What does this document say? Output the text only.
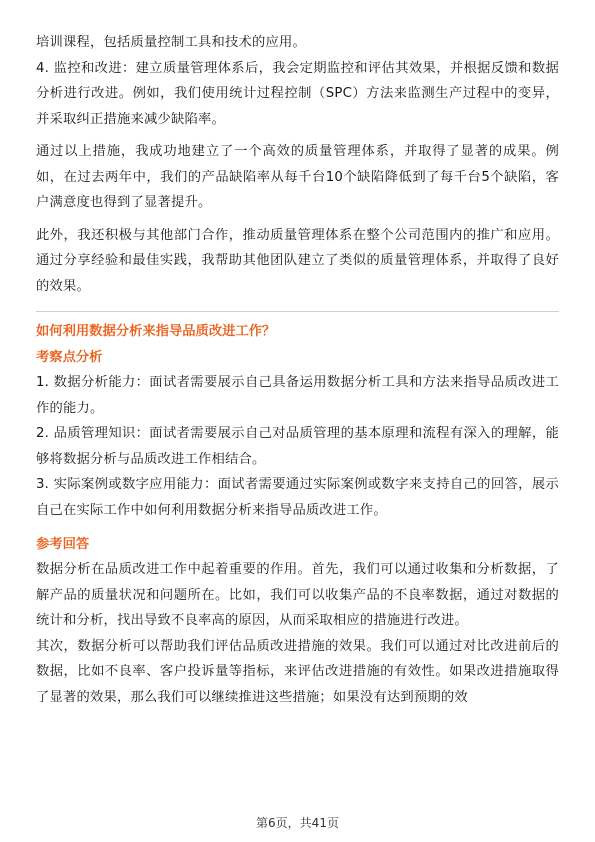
培训课程，包括质量控制工具和技术的应用。

4. 监控和改进：建立质量管理体系后，我会定期监控和评估其效果，并根据反馈和数据分析进行改进。例如，我们使用统计过程控制（SPC）方法来监测生产过程中的变异，并采取纠正措施来减少缺陷率。

通过以上措施，我成功地建立了一个高效的质量管理体系，并取得了显著的成果。例如，在过去两年中，我们的产品缺陷率从每千台10个缺陷降低到了每千台5个缺陷，客户满意度也得到了显著提升。

此外，我还积极与其他部门合作，推动质量管理体系在整个公司范围内的推广和应用。通过分享经验和最佳实践，我帮助其他团队建立了类似的质量管理体系，并取得了良好的效果。

如何利用数据分析来指导品质改进工作？
考察点分析

1. 数据分析能力：面试者需要展示自己具备运用数据分析工具和方法来指导品质改进工作的能力。

2. 品质管理知识：面试者需要展示自己对品质管理的基本原理和流程有深入的理解，能够将数据分析与品质改进工作相结合。

3. 实际案例或数字应用能力：面试者需要通过实际案例或数字来支持自己的回答，展示自己在实际工作中如何利用数据分析来指导品质改进工作。

参考回答

数据分析在品质改进工作中起着重要的作用。首先，我们可以通过收集和分析数据，了解产品的质量状况和问题所在。比如，我们可以收集产品的不良率数据，通过对数据的统计和分析，找出导致不良率高的原因，从而采取相应的措施进行改进。

其次，数据分析可以帮助我们评估品质改进措施的效果。我们可以通过对比改进前后的数据，比如不良率、客户投诉量等指标，来评估改进措施的有效性。如果改进措施取得了显著的效果，那么我们可以继续推进这些措施；如果没有达到预期的效

第6页，共41页
